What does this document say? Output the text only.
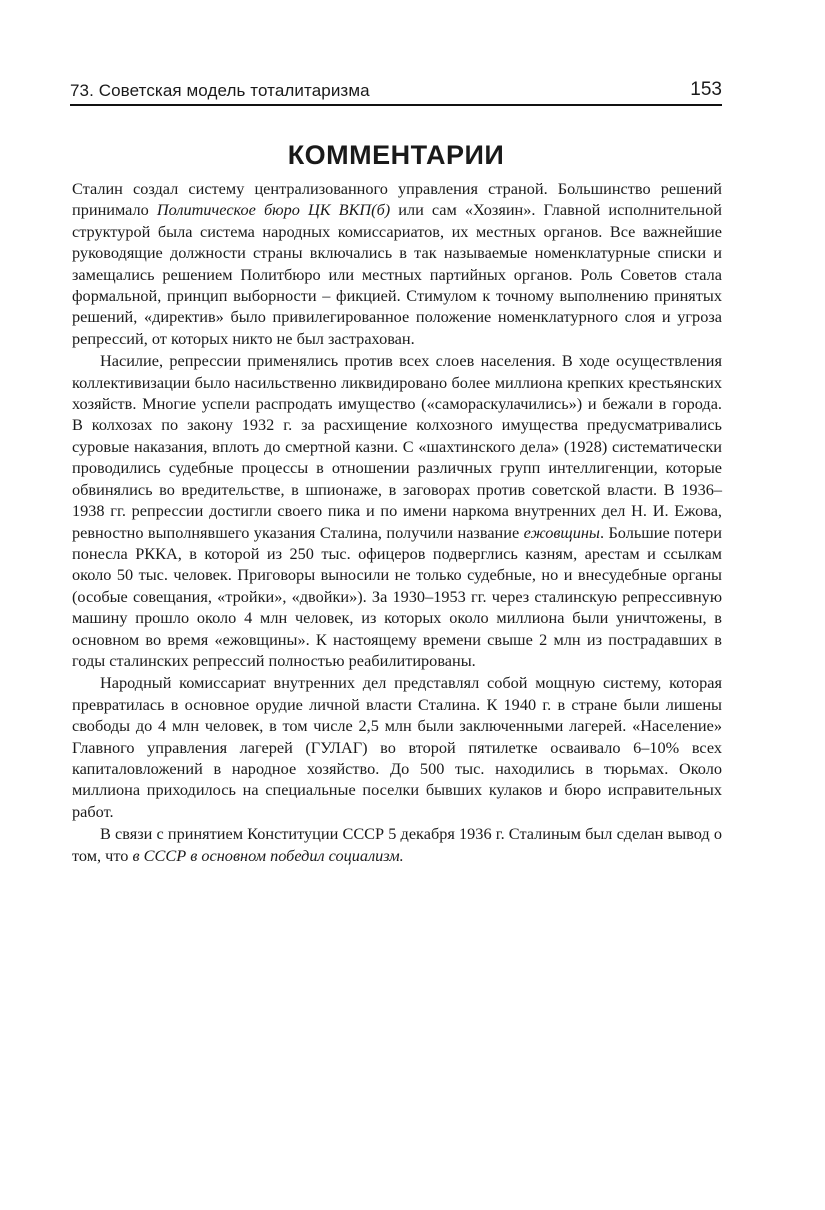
73. Советская модель тоталитаризма	153
КОММЕНТАРИИ

Сталин создал систему централизованного управления страной. Большинство решений принимало Политическое бюро ЦК ВКП(б) или сам «Хозяин». Главной исполнительной структурой была система народных комиссариатов, их местных органов. Все важнейшие руководящие должности страны включались в так называемые номенклатурные списки и замещались решением Политбюро или местных партийных органов. Роль Советов стала формальной, принцип выборности – фикцией. Стимулом к точному выполнению принятых решений, «директив» было привилегированное положение номенклатурного слоя и угроза репрессий, от которых никто не был застрахован.

Насилие, репрессии применялись против всех слоев населения. В ходе осуществления коллективизации было насильственно ликвидировано более миллиона крепких крестьянских хозяйств. Многие успели распродать имущество («самораскулачились») и бежали в города. В колхозах по закону 1932 г. за расхищение колхозного имущества предусматривались суровые наказания, вплоть до смертной казни. С «шахтинского дела» (1928) систематически проводились судебные процессы в отношении различных групп интеллигенции, которые обвинялись во вредительстве, в шпионаже, в заговорах против советской власти. В 1936–1938 гг. репрессии достигли своего пика и по имени наркома внутренних дел Н. И. Ежова, ревностно выполнявшего указания Сталина, получили название ежовщины. Большие потери понесла РККА, в которой из 250 тыс. офицеров подверглись казням, арестам и ссылкам около 50 тыс. человек. Приговоры выносили не только судебные, но и внесудебные органы (особые совещания, «тройки», «двойки»). За 1930–1953 гг. через сталинскую репрессивную машину прошло около 4 млн человек, из которых около миллиона были уничтожены, в основном во время «ежовщины». К настоящему времени свыше 2 млн из пострадавших в годы сталинских репрессий полностью реабилитированы.

Народный комиссариат внутренних дел представлял собой мощную систему, которая превратилась в основное орудие личной власти Сталина. К 1940 г. в стране были лишены свободы до 4 млн человек, в том числе 2,5 млн были заключенными лагерей. «Население» Главного управления лагерей (ГУЛАГ) во второй пятилетке осваивало 6–10% всех капиталовложений в народное хозяйство. До 500 тыс. находились в тюрьмах. Около миллиона приходилось на специальные поселки бывших кулаков и бюро исправительных работ.

В связи с принятием Конституции СССР 5 декабря 1936 г. Сталиным был сделан вывод о том, что в СССР в основном победил социализм.
